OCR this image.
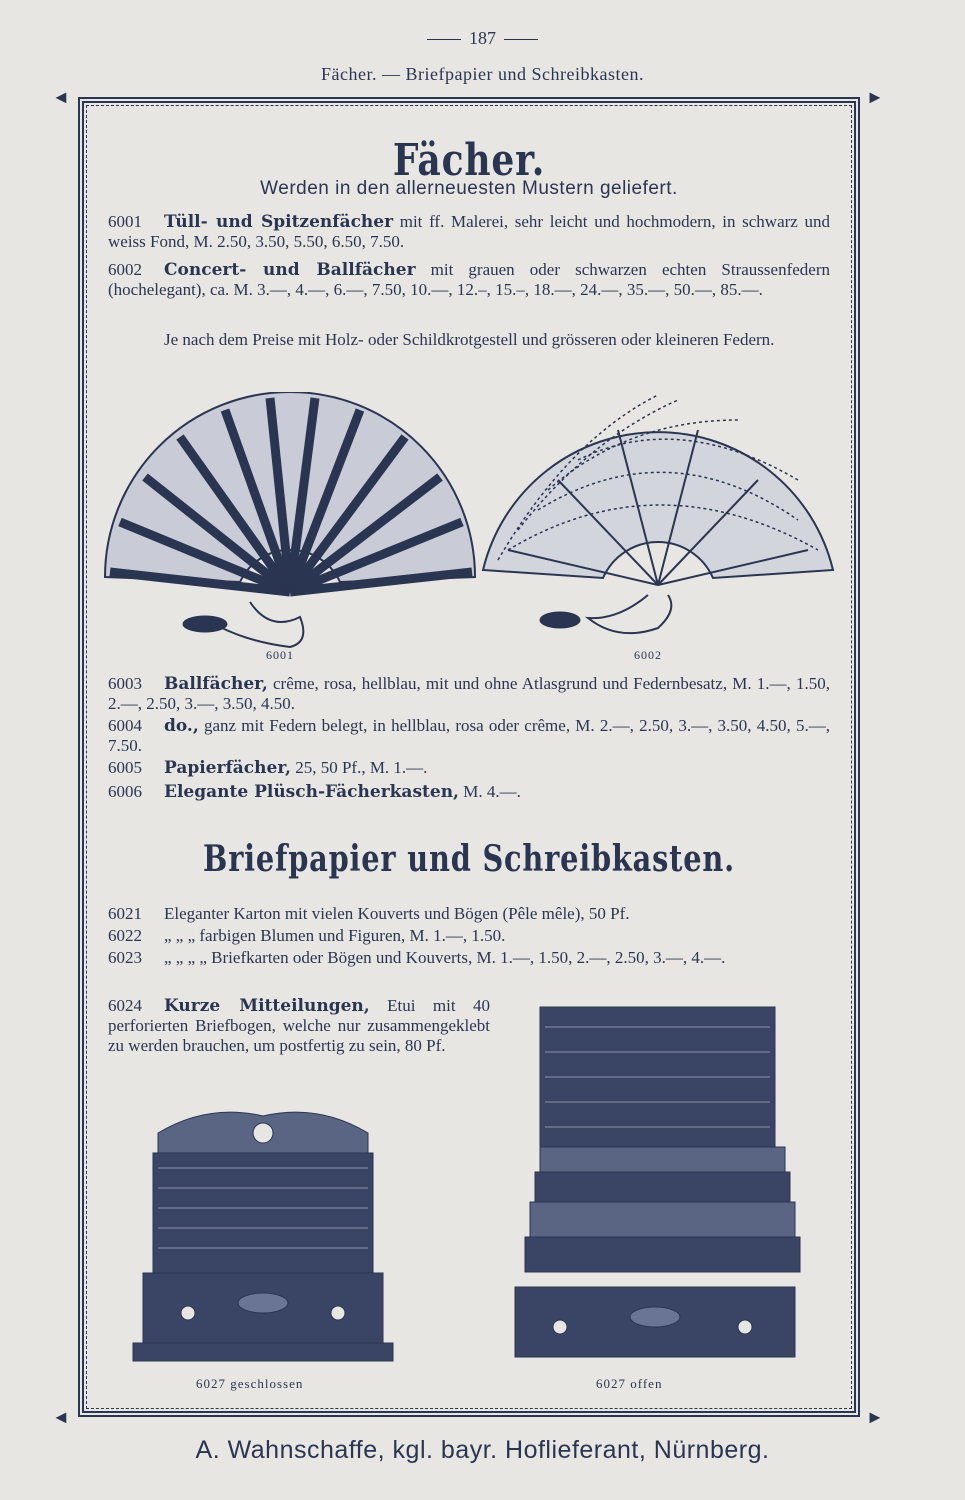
187
Fächer. — Briefpapier und Schreibkasten.
◄	►
◄	►
Fächer.
Werden in den allerneuesten Mustern geliefert.
6001 Tüll- und Spitzenfächer mit ff. Malerei, sehr leicht und hochmodern, in schwarz und weiss Fond, M. 2.50, 3.50, 5.50, 6.50, 7.50.
6002 Concert- und Ballfächer mit grauen oder schwarzen echten Straussenfedern (hochelegant), ca. M. 3.—, 4.—, 6.—, 7.50, 10.—, 12.–, 15.–, 18.—, 24.—, 35.—, 50.—, 85.—.
Je nach dem Preise mit Holz- oder Schildkrotgestell und grösseren oder kleineren Federn.
6001	6002
6003 Ballfächer, crême, rosa, hellblau, mit und ohne Atlasgrund und Federnbesatz, M. 1.—, 1.50, 2.—, 2.50, 3.—, 3.50, 4.50.
6004 do., ganz mit Federn belegt, in hellblau, rosa oder crême, M. 2.—, 2.50, 3.—, 3.50, 4.50, 5.—, 7.50.
6005 Papierfächer, 25, 50 Pf., M. 1.—.
6006 Elegante Plüsch-Fächerkasten, M. 4.—.
Briefpapier und Schreibkasten.
6021 Eleganter Karton mit vielen Kouverts und Bögen (Pêle mêle), 50 Pf.
6022 „ „ „ farbigen Blumen und Figuren, M. 1.—, 1.50.
6023 „ „ „ „ Briefkarten oder Bögen und Kouverts, M. 1.—, 1.50, 2.—, 2.50, 3.—, 4.—.
6024 Kurze Mitteilungen, Etui mit 40 perforierten Briefbogen, welche nur zusammengeklebt zu werden brauchen, um postfertig zu sein, 80 Pf.
6027 geschlossen	6027 offen
A. Wahnschaffe, kgl. bayr. Hoflieferant, Nürnberg.
